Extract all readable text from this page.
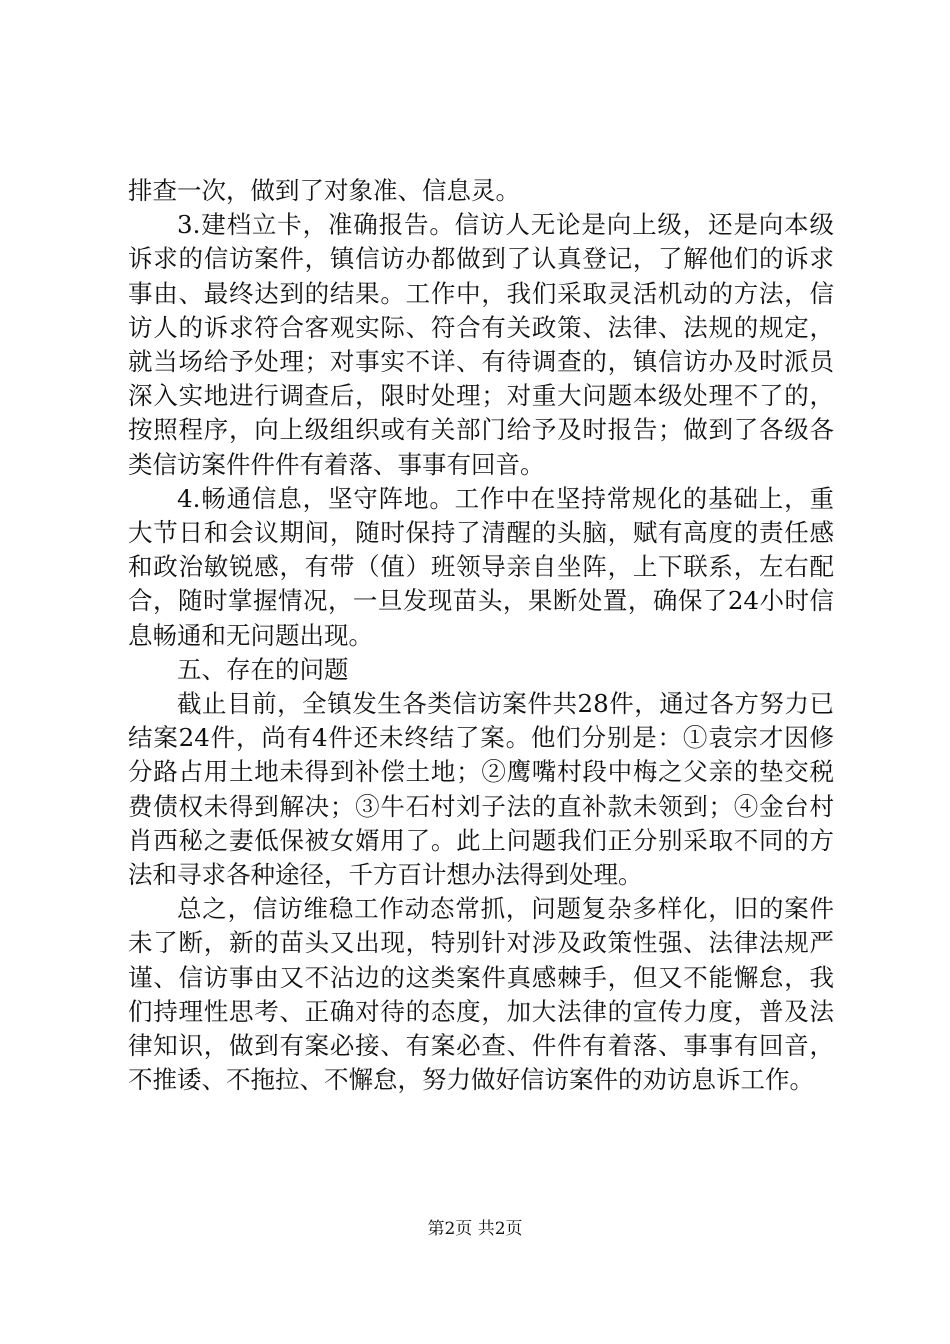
排查一次，做到了对象准、信息灵。

3.建档立卡，准确报告。信访人无论是向上级，还是向本级诉求的信访案件，镇信访办都做到了认真登记，了解他们的诉求事由、最终达到的结果。工作中，我们采取灵活机动的方法，信访人的诉求符合客观实际、符合有关政策、法律、法规的规定，就当场给予处理；对事实不详、有待调查的，镇信访办及时派员深入实地进行调查后，限时处理；对重大问题本级处理不了的，按照程序，向上级组织或有关部门给予及时报告；做到了各级各类信访案件件件有着落、事事有回音。

4.畅通信息，坚守阵地。工作中在坚持常规化的基础上，重大节日和会议期间，随时保持了清醒的头脑，赋有高度的责任感和政治敏锐感，有带（值）班领导亲自坐阵，上下联系，左右配合，随时掌握情况，一旦发现苗头，果断处置，确保了24小时信息畅通和无问题出现。

五、存在的问题

截止目前，全镇发生各类信访案件共28件，通过各方努力已结案24件，尚有4件还未终结了案。他们分别是：①袁宗才因修分路占用土地未得到补偿土地；②鹰嘴村段中梅之父亲的垫交税费债权未得到解决；③牛石村刘子法的直补款未领到；④金台村肖西秘之妻低保被女婿用了。此上问题我们正分别采取不同的方法和寻求各种途径，千方百计想办法得到处理。

总之，信访维稳工作动态常抓，问题复杂多样化，旧的案件未了断，新的苗头又出现，特别针对涉及政策性强、法律法规严谨、信访事由又不沾边的这类案件真感棘手，但又不能懈怠，我们持理性思考、正确对待的态度，加大法律的宣传力度，普及法律知识，做到有案必接、有案必查、件件有着落、事事有回音，不推诿、不拖拉、不懈怠，努力做好信访案件的劝访息诉工作。

第2页 共2页
